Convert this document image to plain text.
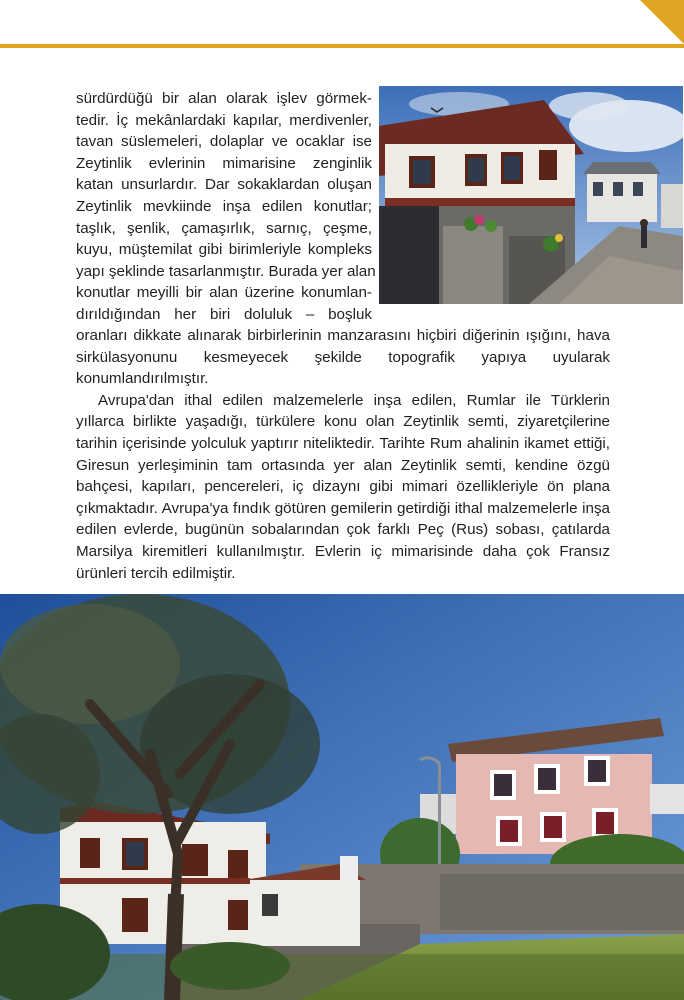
sürdürdüğü bir alan olarak işlev görmek-
tedir. İç mekânlardaki kapılar, merdivenler,
tavan süslemeleri, dolaplar ve ocaklar ise
Zeytinlik evlerinin mimarisine zenginlik
katan unsurlardır. Dar sokaklardan oluşan
Zeytinlik mevkiinde inşa edilen konutlar;
taşlık, şenlik, çamaşırlık, sarnıç, çeşme,
kuyu, müştemilat gibi birimleriyle kompleks
yapı şeklinde tasarlanmıştır. Burada yer alan
konutlar meyilli bir alan üzerine konumlan-
dırıldığından her biri doluluk – boşluk

oranları dikkate alınarak birbirlerinin manzarasını hiçbiri diğerinin ışığını, hava sirkülasyonunu kesmeyecek şekilde topografik yapıya uyularak konumlandırılmıştır.

Avrupa'dan ithal edilen malzemelerle inşa edilen, Rumlar ile Türklerin yıllarca birlikte yaşadığı, türkülere konu olan Zeytinlik semti, ziyaretçilerine tarihin içerisinde yolculuk yaptırır niteliktedir. Tarihte Rum ahalinin ikamet ettiği, Giresun yerleşiminin tam ortasında yer alan Zeytinlik semti, kendine özgü bahçesi, kapıları, pencereleri, iç dizaynı gibi mimari özellikleriyle ön plana çıkmaktadır. Avrupa'ya fındık götüren gemilerin getirdiği ithal malzemelerle inşa edilen evlerde, bugünün sobalarından çok farklı Peç (Rus) sobası, çatılarda Marsilya kiremitleri kullanılmıştır. Evlerin iç mimarisinde daha çok Fransız ürünleri tercih edilmiştir.
